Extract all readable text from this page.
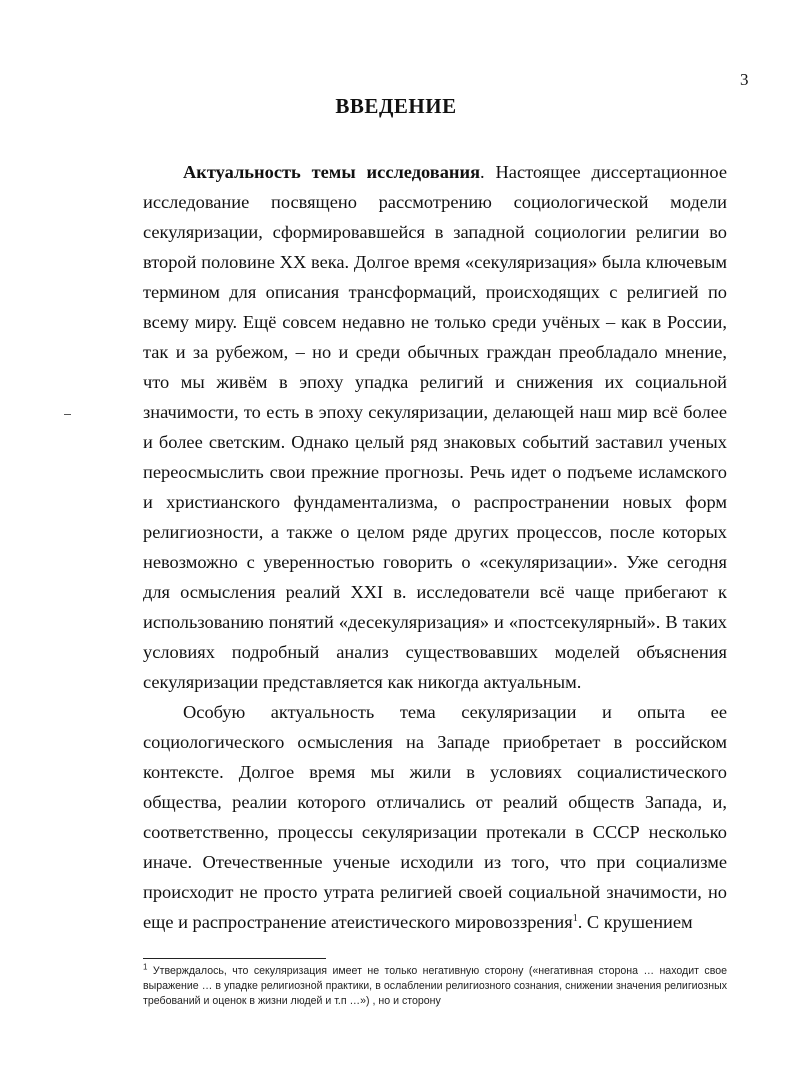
3
ВВЕДЕНИЕ

Актуальность темы исследования. Настоящее диссертационное исследование посвящено рассмотрению социологической модели секуляризации, сформировавшейся в западной социологии религии во второй половине XX века. Долгое время «секуляризация» была ключевым термином для описания трансформаций, происходящих с религией по всему миру. Ещё совсем недавно не только среди учёных – как в России, так и за рубежом, – но и среди обычных граждан преобладало мнение, что мы живём в эпоху упадка религий и снижения их социальной значимости, то есть в эпоху секуляризации, делающей наш мир всё более и более светским. Однако целый ряд знаковых событий заставил ученых переосмыслить свои прежние прогнозы. Речь идет о подъеме исламского и христианского фундаментализма, о распространении новых форм религиозности, а также о целом ряде других процессов, после которых невозможно с уверенностью говорить о «секуляризации». Уже сегодня для осмысления реалий XXI в. исследователи всё чаще прибегают к использованию понятий «десекуляризация» и «постсекулярный». В таких условиях подробный анализ существовавших моделей объяснения секуляризации представляется как никогда актуальным.

Особую актуальность тема секуляризации и опыта ее социологического осмысления на Западе приобретает в российском контексте. Долгое время мы жили в условиях социалистического общества, реалии которого отличались от реалий обществ Запада, и, соответственно, процессы секуляризации протекали в СССР несколько иначе. Отечественные ученые исходили из того, что при социализме происходит не просто утрата религией своей социальной значимости, но еще и распространение атеистического мировоззрения$^1$. С крушением

$^1$ Утверждалось, что секуляризация имеет не только негативную сторону («негативная сторона … находит свое выражение … в упадке религиозной практики, в ослаблении религиозного сознания, снижении значения религиозных требований и оценок в жизни людей и т.п …») , но и сторону
